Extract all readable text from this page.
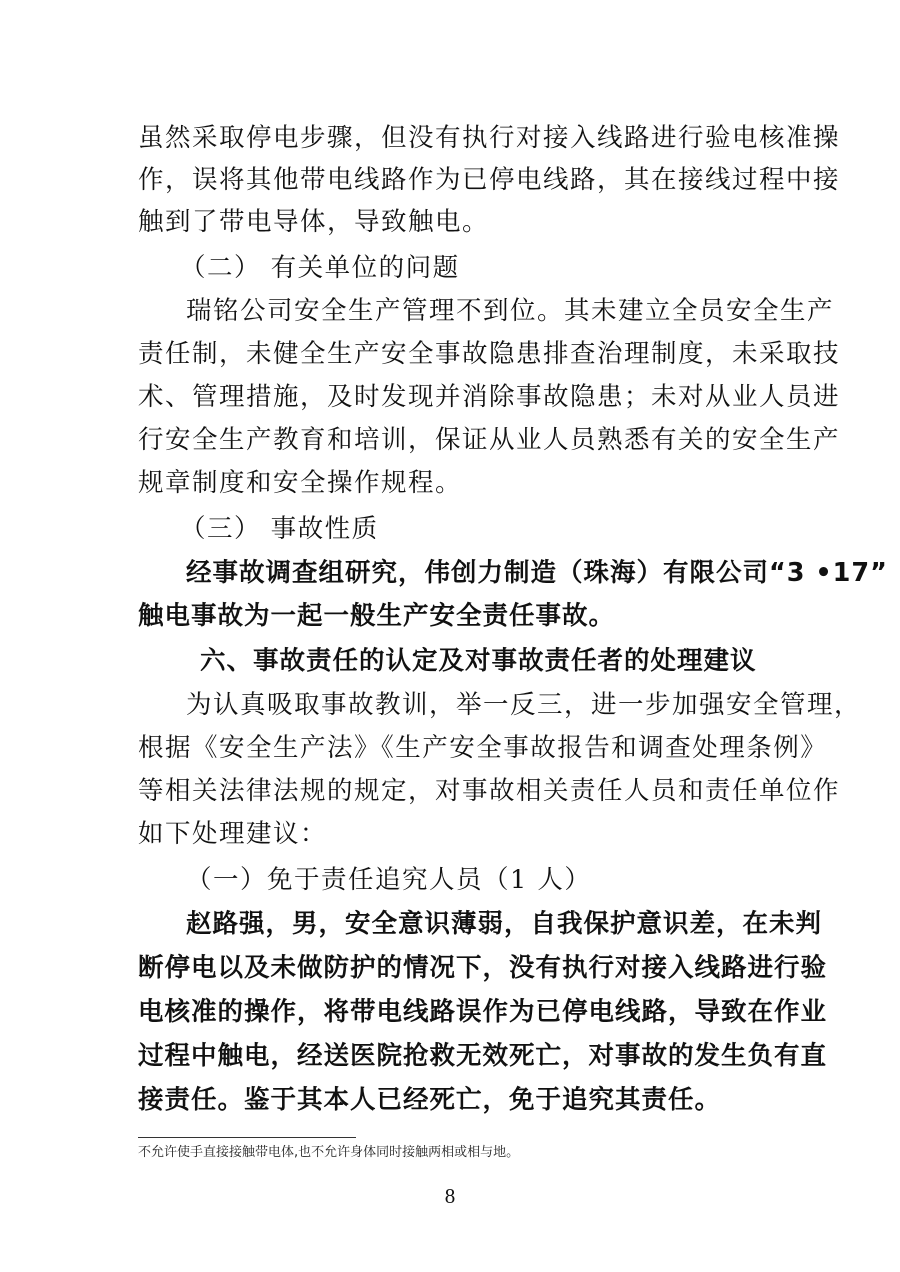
虽然采取停电步骤，但没有执行对接入线路进行验电核准操
作，误将其他带电线路作为已停电线路，其在接线过程中接
触到了带电导体，导致触电。
（二） 有关单位的问题
瑞铭公司安全生产管理不到位。其未建立全员安全生产
责任制，未健全生产安全事故隐患排查治理制度，未采取技
术、管理措施，及时发现并消除事故隐患；未对从业人员进
行安全生产教育和培训，保证从业人员熟悉有关的安全生产
规章制度和安全操作规程。
（三） 事故性质
经事故调查组研究，伟创力制造（珠海）有限公司“3 •17”
触电事故为一起一般生产安全责任事故。
六、事故责任的认定及对事故责任者的处理建议
为认真吸取事故教训，举一反三，进一步加强安全管理，
根据《安全生产法》《生产安全事故报告和调查处理条例》
等相关法律法规的规定，对事故相关责任人员和责任单位作
如下处理建议：
（一）免于责任追究人员（1 人）
赵路强，男，安全意识薄弱，自我保护意识差，在未判
断停电以及未做防护的情况下，没有执行对接入线路进行验
电核准的操作，将带电线路误作为已停电线路，导致在作业
过程中触电，经送医院抢救无效死亡，对事故的发生负有直
接责任。鉴于其本人已经死亡，免于追究其责任。
不允许使手直接接触带电体,也不允许身体同时接触两相或相与地。
8
